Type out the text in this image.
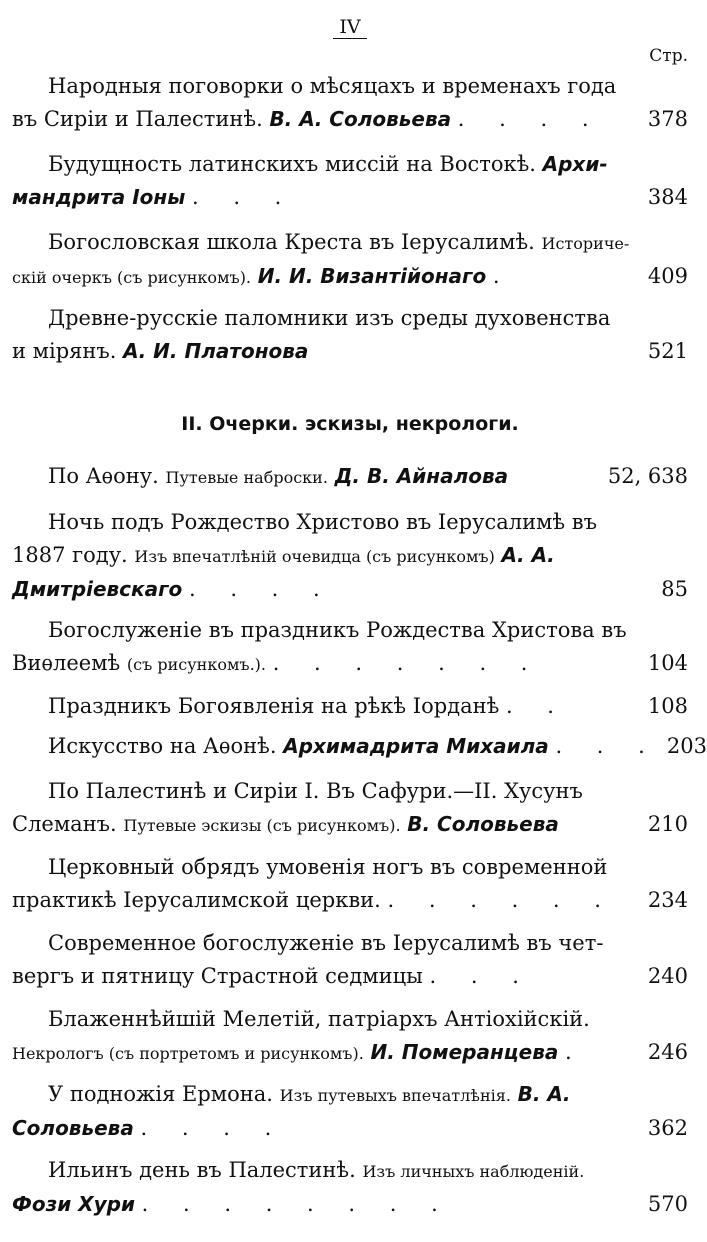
IV
Стр.
Народныя поговорки о мѣсяцахъ и временахъ года
въ Сиріи и Палестинѣ. В. А. Соловьева . . . .	378
Будущность латинскихъ миссій на Востокѣ. Архи-
мандрита Іоны . . .	384
Богословская школа Креста въ Іерусалимѣ. Историче-
скій очеркъ (съ рисункомъ). И. И. Византійонаго .	409
Древне-русскіе паломники изъ среды духовенства
и мірянъ. А. И. Платонова	521
II. Очерки. эскизы, некрологи.
По Аѳону. Путевые наброски. Д. В. Айналова	52, 638
Ночь подъ Рождество Христово въ Іерусалимѣ въ
1887 году. Изъ впечатлѣній очевидца (съ рисункомъ) А. А.
Дмитріевскаго . . . .	85
Богослуженіе въ праздникъ Рождества Христова въ
Виѳлеемѣ (съ рисункомъ.). . . . . . . .	104
Праздникъ Богоявленія на рѣкѣ Іорданѣ . .	108
Искусство на Аѳонѣ. Архимадрита Михаила . . . 203
По Палестинѣ и Сиріи I. Въ Сафури.—II. Хусунъ
Слеманъ. Путевые эскизы (съ рисункомъ). В. Соловьева	210
Церковный обрядъ умовенія ногъ въ современной
практикѣ Іерусалимской церкви. . . . . . .	234
Современное богослуженіе въ Іерусалимѣ въ чет-
вергъ и пятницу Страстной седмицы . . .	240
Блаженнѣйшій Мелетій, патріархъ Антіохійскій.
Некрологъ (съ портретомъ и рисункомъ). И. Померанцева .	246
У подножія Ермона. Изъ путевыхъ впечатлѣнія. В. А.
Соловьева . . . .	362
Ильинъ день въ Палестинѣ. Изъ личныхъ наблюденій.
Фози Хури . . . . . . . .	570
